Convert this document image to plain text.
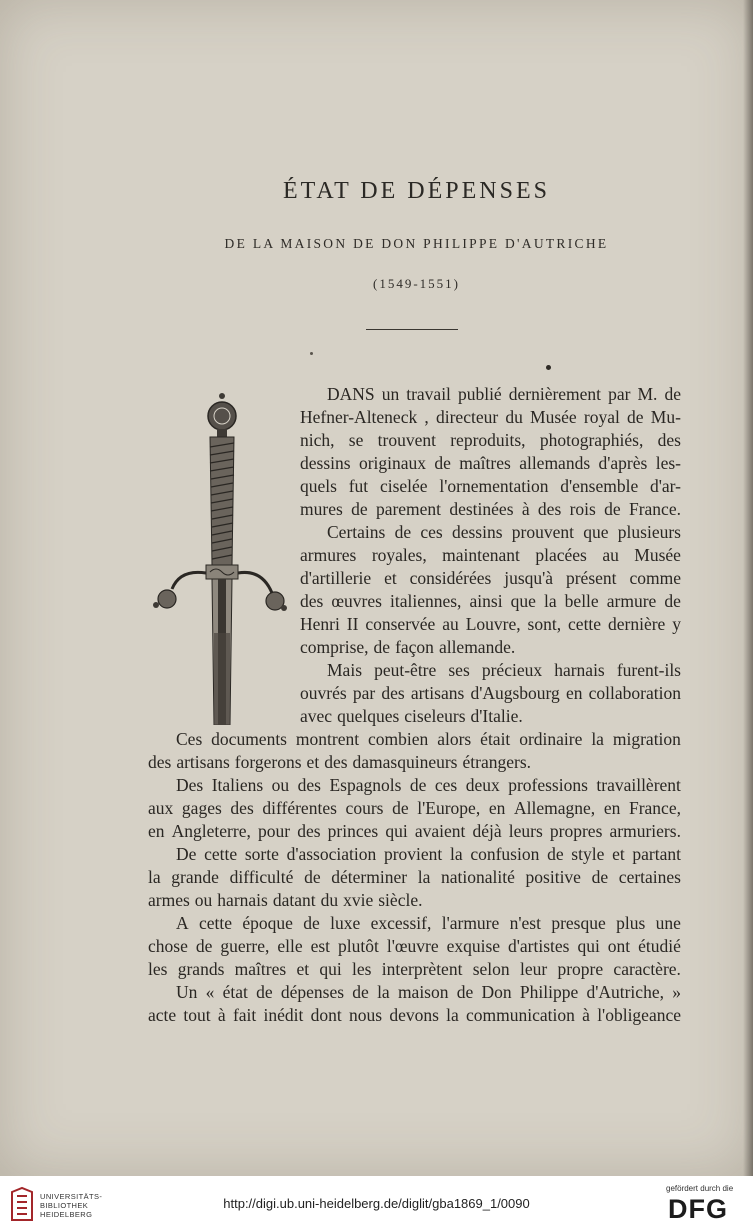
ÉTAT DE DÉPENSES
DE LA MAISON DE DON PHILIPPE D'AUTRICHE
(1549-1551)
DANS un travail publié dernièrement par M. de
Hefner-Alteneck , directeur du Musée royal de Mu-
nich, se trouvent reproduits, photographiés, des
dessins originaux de maîtres allemands d'après les-
quels fut ciselée l'ornementation d'ensemble d'ar-
mures de parement destinées à des rois de France.
Certains de ces dessins prouvent que plusieurs
armures royales, maintenant placées au Musée
d'artillerie et considérées jusqu'à présent comme
des œuvres italiennes, ainsi que la belle armure de
Henri II conservée au Louvre, sont, cette dernière y
comprise, de façon allemande.
Mais peut-être ses précieux harnais furent-ils
ouvrés par des artisans d'Augsbourg en collaboration
avec quelques ciseleurs d'Italie.
Ces documents montrent combien alors était ordinaire la migration
des artisans forgerons et des damasquineurs étrangers.
Des Italiens ou des Espagnols de ces deux professions travaillèrent
aux gages des différentes cours de l'Europe, en Allemagne, en France,
en Angleterre, pour des princes qui avaient déjà leurs propres armuriers.
De cette sorte d'association provient la confusion de style et partant
la grande difficulté de déterminer la nationalité positive de certaines
armes ou harnais datant du xvie siècle.
A cette époque de luxe excessif, l'armure n'est presque plus une
chose de guerre, elle est plutôt l'œuvre exquise d'artistes qui ont étudié
les grands maîtres et qui les interprètent selon leur propre caractère.
Un « état de dépenses de la maison de Don Philippe d'Autriche, »
acte tout à fait inédit dont nous devons la communication à l'obligeance
UNIVERSITÄTS-
BIBLIOTHEK
HEIDELBERG
http://digi.ub.uni-heidelberg.de/diglit/gba1869_1/0090
gefördert durch die
DFG
